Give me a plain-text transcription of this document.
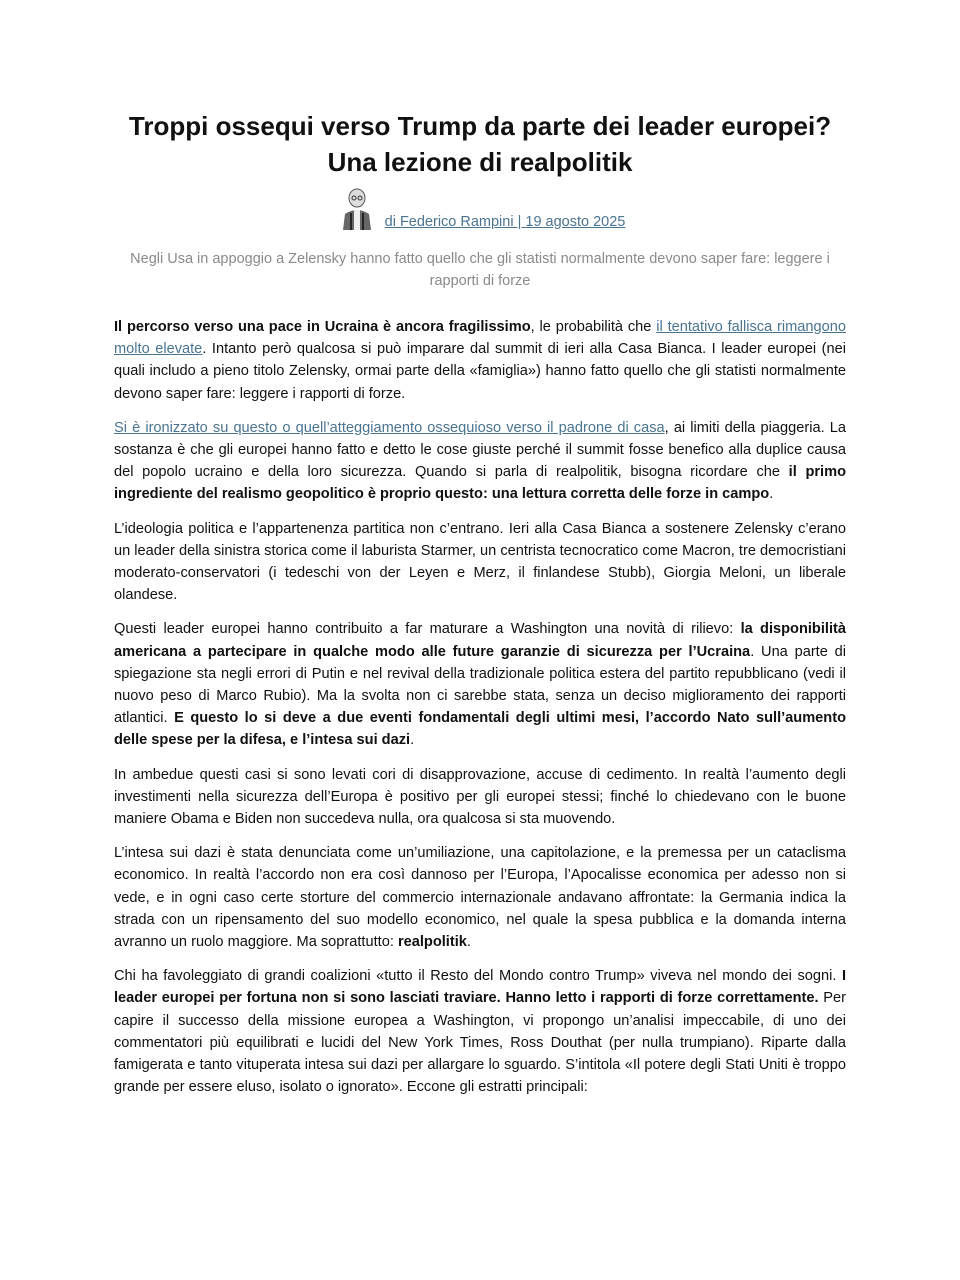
Troppi ossequi verso Trump da parte dei leader europei?
Una lezione di realpolitik
di Federico Rampini | 19 agosto 2025
Negli Usa in appoggio a Zelensky hanno fatto quello che gli statisti normalmente devono saper fare: leggere i rapporti di forze

Il percorso verso una pace in Ucraina è ancora fragilissimo, le probabilità che il tentativo fallisca rimangono molto elevate. Intanto però qualcosa si può imparare dal summit di ieri alla Casa Bianca. I leader europei (nei quali includo a pieno titolo Zelensky, ormai parte della «famiglia») hanno fatto quello che gli statisti normalmente devono saper fare: leggere i rapporti di forze.

Si è ironizzato su questo o quell’atteggiamento ossequioso verso il padrone di casa, ai limiti della piaggeria. La sostanza è che gli europei hanno fatto e detto le cose giuste perché il summit fosse benefico alla duplice causa del popolo ucraino e della loro sicurezza. Quando si parla di realpolitik, bisogna ricordare che il primo ingrediente del realismo geopolitico è proprio questo: una lettura corretta delle forze in campo.

L’ideologia politica e l’appartenenza partitica non c’entrano. Ieri alla Casa Bianca a sostenere Zelensky c’erano un leader della sinistra storica come il laburista Starmer, un centrista tecnocratico come Macron, tre democristiani moderato-conservatori (i tedeschi von der Leyen e Merz, il finlandese Stubb), Giorgia Meloni, un liberale olandese.

Questi leader europei hanno contribuito a far maturare a Washington una novità di rilievo: la disponibilità americana a partecipare in qualche modo alle future garanzie di sicurezza per l’Ucraina. Una parte di spiegazione sta negli errori di Putin e nel revival della tradizionale politica estera del partito repubblicano (vedi il nuovo peso di Marco Rubio). Ma la svolta non ci sarebbe stata, senza un deciso miglioramento dei rapporti atlantici. E questo lo si deve a due eventi fondamentali degli ultimi mesi, l’accordo Nato sull’aumento delle spese per la difesa, e l’intesa sui dazi.

In ambedue questi casi si sono levati cori di disapprovazione, accuse di cedimento. In realtà l’aumento degli investimenti nella sicurezza dell’Europa è positivo per gli europei stessi; finché lo chiedevano con le buone maniere Obama e Biden non succedeva nulla, ora qualcosa si sta muovendo.

L’intesa sui dazi è stata denunciata come un’umiliazione, una capitolazione, e la premessa per un cataclisma economico. In realtà l’accordo non era così dannoso per l’Europa, l’Apocalisse economica per adesso non si vede, e in ogni caso certe storture del commercio internazionale andavano affrontate: la Germania indica la strada con un ripensamento del suo modello economico, nel quale la spesa pubblica e la domanda interna avranno un ruolo maggiore. Ma soprattutto: realpolitik.

Chi ha favoleggiato di grandi coalizioni «tutto il Resto del Mondo contro Trump» viveva nel mondo dei sogni. I leader europei per fortuna non si sono lasciati traviare. Hanno letto i rapporti di forze correttamente. Per capire il successo della missione europea a Washington, vi propongo un’analisi impeccabile, di uno dei commentatori più equilibrati e lucidi del New York Times, Ross Douthat (per nulla trumpiano). Riparte dalla famigerata e tanto vituperata intesa sui dazi per allargare lo sguardo. S’intitola «Il potere degli Stati Uniti è troppo grande per essere eluso, isolato o ignorato». Eccone gli estratti principali:
